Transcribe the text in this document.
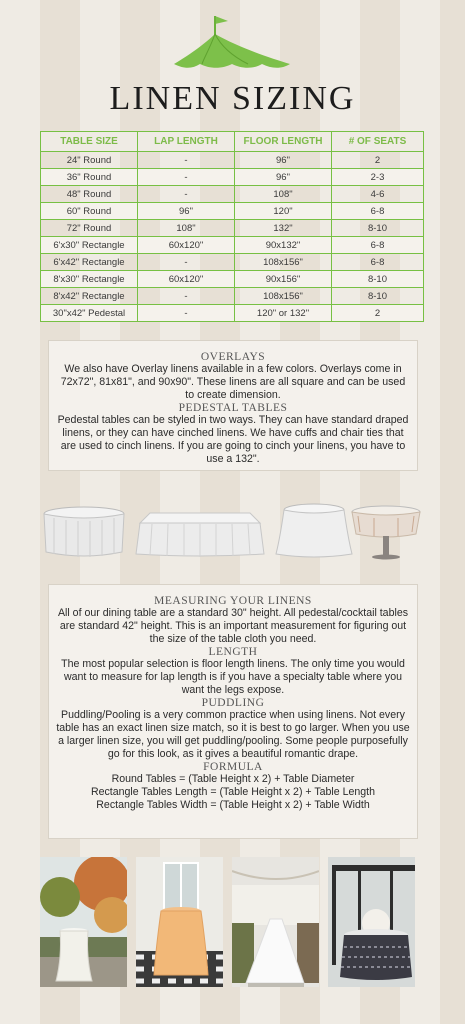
LINEN SIZING
TABLE SIZE	LAP LENGTH	FLOOR LENGTH	# OF SEATS
24" Round	-	96"	2
36" Round	-	96"	2-3
48" Round	-	108"	4-6
60" Round	96"	120"	6-8
72" Round	108"	132"	8-10
6'x30" Rectangle	60x120"	90x132"	6-8
6'x42" Rectangle	-	108x156"	6-8
8'x30" Rectangle	60x120"	90x156"	8-10
8'x42" Rectangle	-	108x156"	8-10
30"x42" Pedestal	-	120" or 132"	2
OVERLAYS

We also have Overlay linens available in a few colors. Overlays come in 72x72", 81x81", and 90x90". These linens are all square and can be used to create dimension.

PEDESTAL TABLES

Pedestal tables can be styled in two ways. They can have standard draped linens, or they can have cinched linens. We have cuffs and chair ties that are used to cinch linens. If you are going to cinch your linens, you have to use a 132".

MEASURING YOUR LINENS

All of our dining table are a standard 30" height. All pedestal/cocktail tables are standard 42" height. This is an important measurement for figuring out the size of the table cloth you need.

LENGTH

The most popular selection is floor length linens. The only time you would want to measure for lap length is if you have a specialty table where you want the legs expose.

PUDDLING

Puddling/Pooling is a very common practice when using linens. Not every table has an exact linen size match, so it is best to go larger. When you use a larger linen size, you will get puddling/pooling. Some people purposefully go for this look, as it gives a beautiful romantic drape.

FORMULA

Round Tables = (Table Height x 2) + Table Diameter

Rectangle Tables Length = (Table Height x 2) + Table Length

Rectangle Tables Width = (Table Height x 2) + Table Width
